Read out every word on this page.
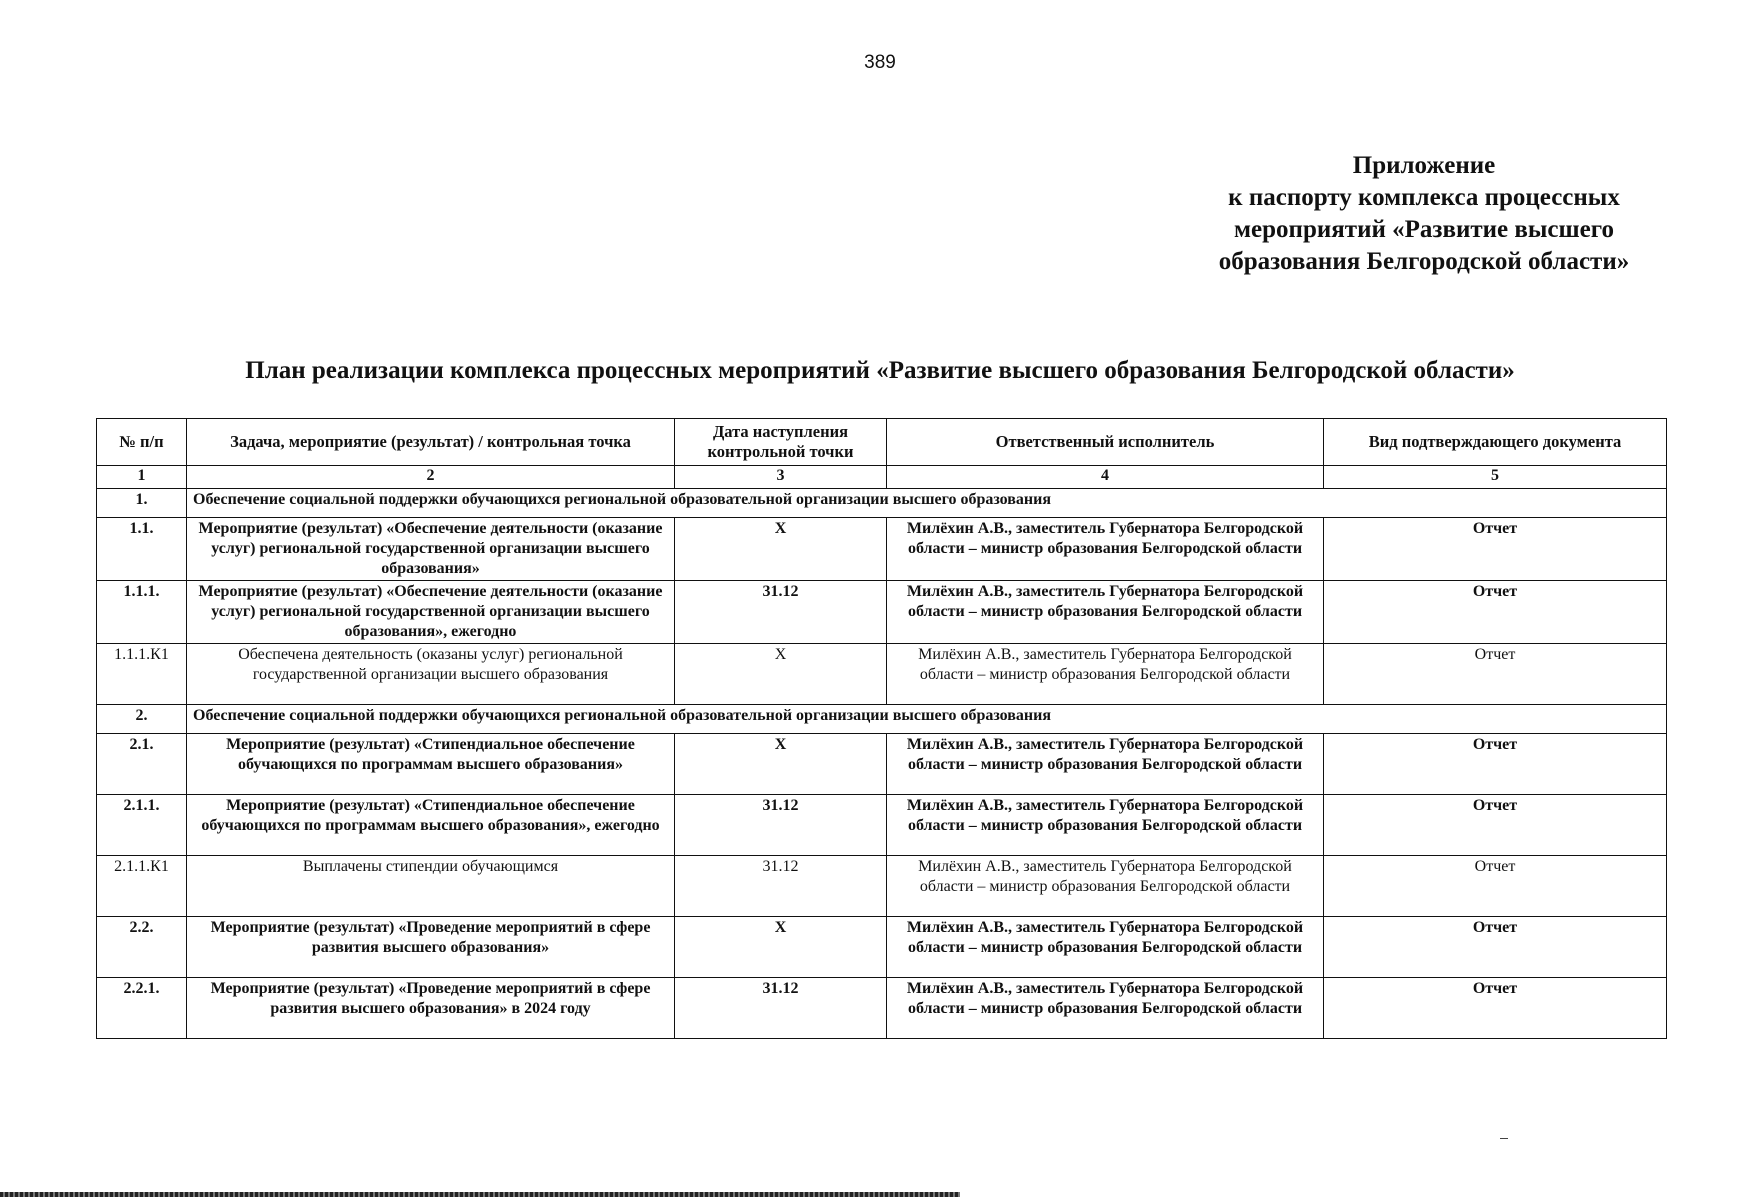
389
Приложение
к паспорту комплекса процессных
мероприятий «Развитие высшего
образования Белгородской области»
План реализации комплекса процессных мероприятий «Развитие высшего образования Белгородской области»
№ п/п	Задача, мероприятие (результат) / контрольная точка	Дата наступления контрольной точки	Ответственный исполнитель	Вид подтверждающего документа
1	2	3	4	5
1.	Обеспечение социальной поддержки обучающихся региональной образовательной организации высшего образования			
1.1.	Мероприятие (результат) «Обеспечение деятельности (оказание услуг) региональной государственной организации высшего образования»	Х	Милёхин А.В., заместитель Губернатора Белгородской области – министр образования Белгородской области	Отчет
1.1.1.	Мероприятие (результат) «Обеспечение деятельности (оказание услуг) региональной государственной организации высшего образования», ежегодно	31.12	Милёхин А.В., заместитель Губернатора Белгородской области – министр образования Белгородской области	Отчет
1.1.1.К1	Обеспечена деятельность (оказаны услуг) региональной государственной организации высшего образования	Х	Милёхин А.В., заместитель Губернатора Белгородской области – министр образования Белгородской области	Отчет
2.	Обеспечение социальной поддержки обучающихся региональной образовательной организации высшего образования			
2.1.	Мероприятие (результат) «Стипендиальное обеспечение обучающихся по программам высшего образования»	Х	Милёхин А.В., заместитель Губернатора Белгородской области – министр образования Белгородской области	Отчет
2.1.1.	Мероприятие (результат) «Стипендиальное обеспечение обучающихся по программам высшего образования», ежегодно	31.12	Милёхин А.В., заместитель Губернатора Белгородской области – министр образования Белгородской области	Отчет
2.1.1.К1	Выплачены стипендии обучающимся	31.12	Милёхин А.В., заместитель Губернатора Белгородской области – министр образования Белгородской области	Отчет
2.2.	Мероприятие (результат) «Проведение мероприятий в сфере развития высшего образования»	Х	Милёхин А.В., заместитель Губернатора Белгородской области – министр образования Белгородской области	Отчет
2.2.1.	Мероприятие (результат) «Проведение мероприятий в сфере развития высшего образования» в 2024 году	31.12	Милёхин А.В., заместитель Губернатора Белгородской области – министр образования Белгородской области	Отчет
